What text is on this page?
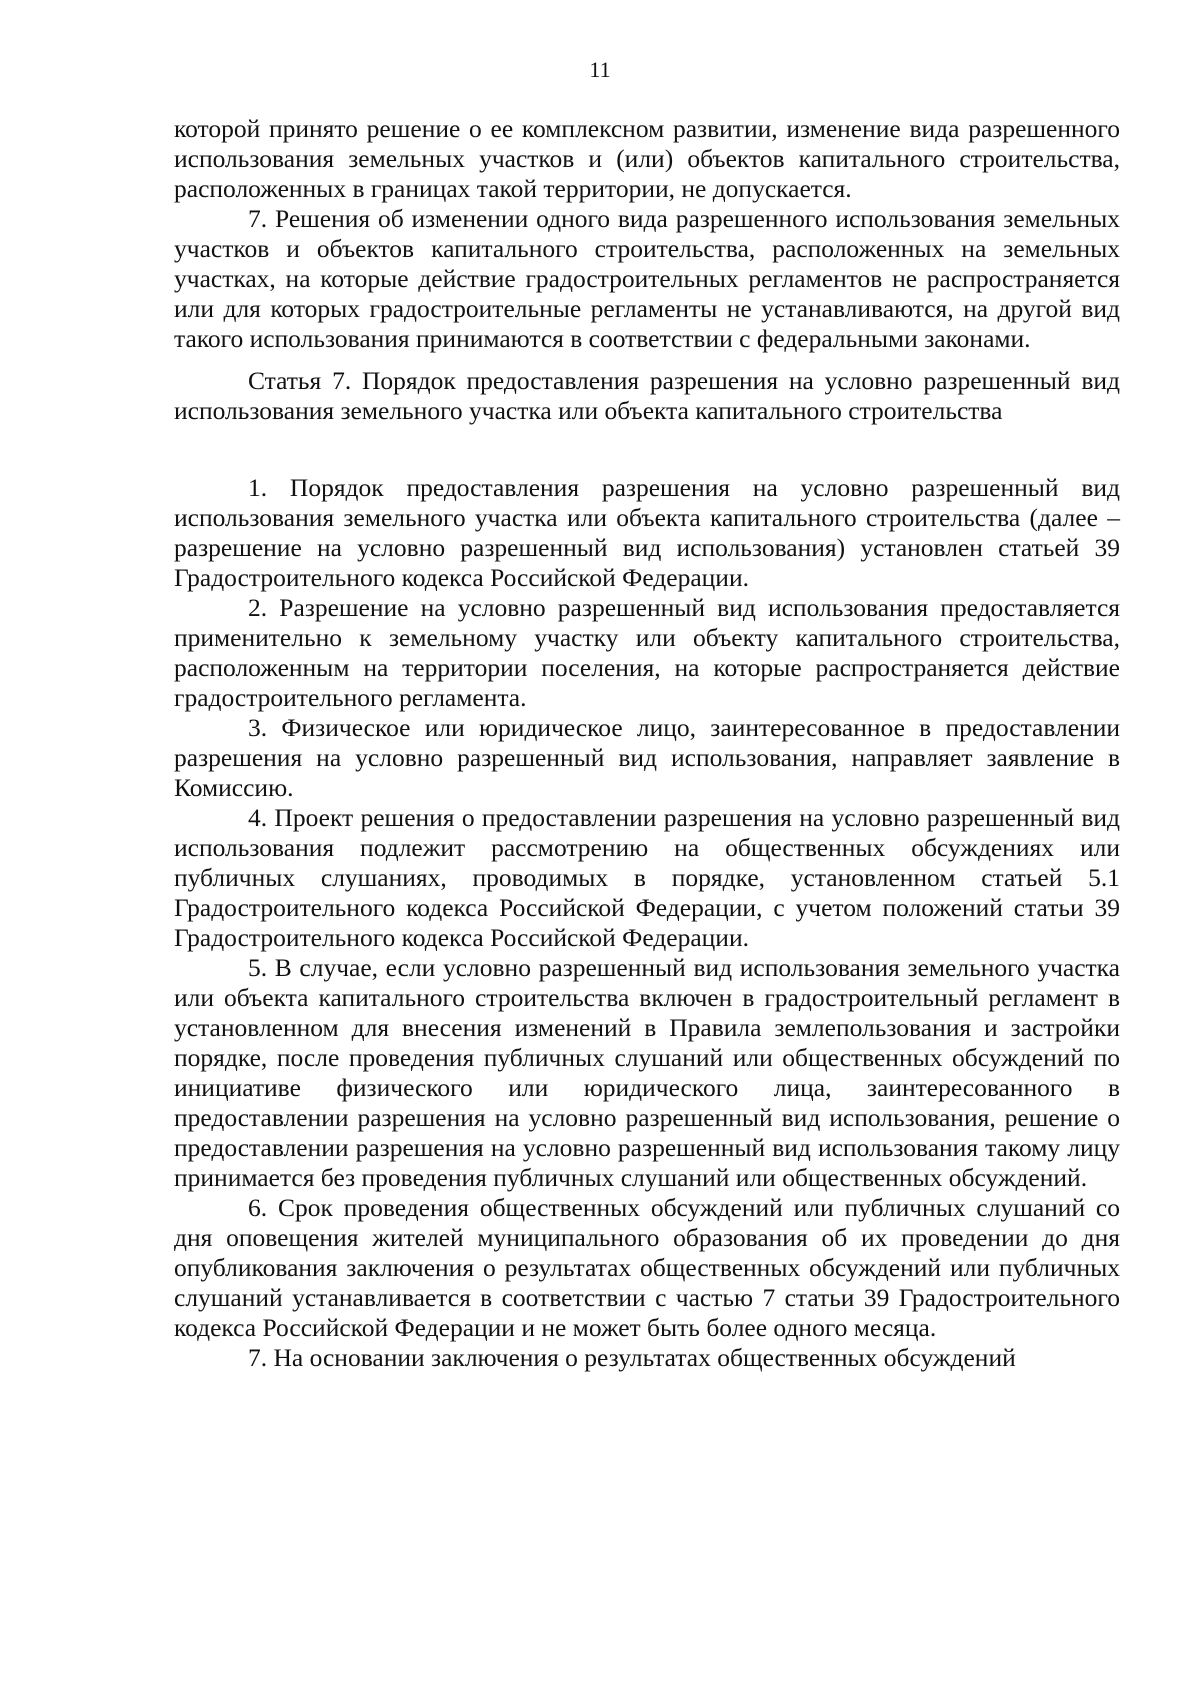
11

которой принято решение о ее комплексном развитии, изменение вида разрешенного использования земельных участков и (или) объектов капитального строительства, расположенных в границах такой территории, не допускается.

7. Решения об изменении одного вида разрешенного использования земельных участков и объектов капитального строительства, расположенных на земельных участках, на которые действие градостроительных регламентов не распространяется или для которых градостроительные регламенты не устанавливаются, на другой вид такого использования принимаются в соответствии с федеральными законами.

Статья 7. Порядок предоставления разрешения на условно разрешенный вид использования земельного участка или объекта капитального строительства

1. Порядок предоставления разрешения на условно разрешенный вид использования земельного участка или объекта капитального строительства (далее – разрешение на условно разрешенный вид использования) установлен статьей 39 Градостроительного кодекса Российской Федерации.

2. Разрешение на условно разрешенный вид использования предоставляется применительно к земельному участку или объекту капитального строительства, расположенным на территории поселения, на которые распространяется действие градостроительного регламента.

3. Физическое или юридическое лицо, заинтересованное в предоставлении разрешения на условно разрешенный вид использования, направляет заявление в Комиссию.

4. Проект решения о предоставлении разрешения на условно разрешенный вид использования подлежит рассмотрению на общественных обсуждениях или публичных слушаниях, проводимых в порядке, установленном статьей 5.1 Градостроительного кодекса Российской Федерации, с учетом положений статьи 39 Градостроительного кодекса Российской Федерации.

5. В случае, если условно разрешенный вид использования земельного участка или объекта капитального строительства включен в градостроительный регламент в установленном для внесения изменений в Правила землепользования и застройки порядке, после проведения публичных слушаний или общественных обсуждений по инициативе физического или юридического лица, заинтересованного в предоставлении разрешения на условно разрешенный вид использования, решение о предоставлении разрешения на условно разрешенный вид использования такому лицу принимается без проведения публичных слушаний или общественных обсуждений.

6. Срок проведения общественных обсуждений или публичных слушаний со дня оповещения жителей муниципального образования об их проведении до дня опубликования заключения о результатах общественных обсуждений или публичных слушаний устанавливается в соответствии с частью 7 статьи 39 Градостроительного кодекса Российской Федерации и не может быть более одного месяца.

7. На основании заключения о результатах общественных обсуждений
